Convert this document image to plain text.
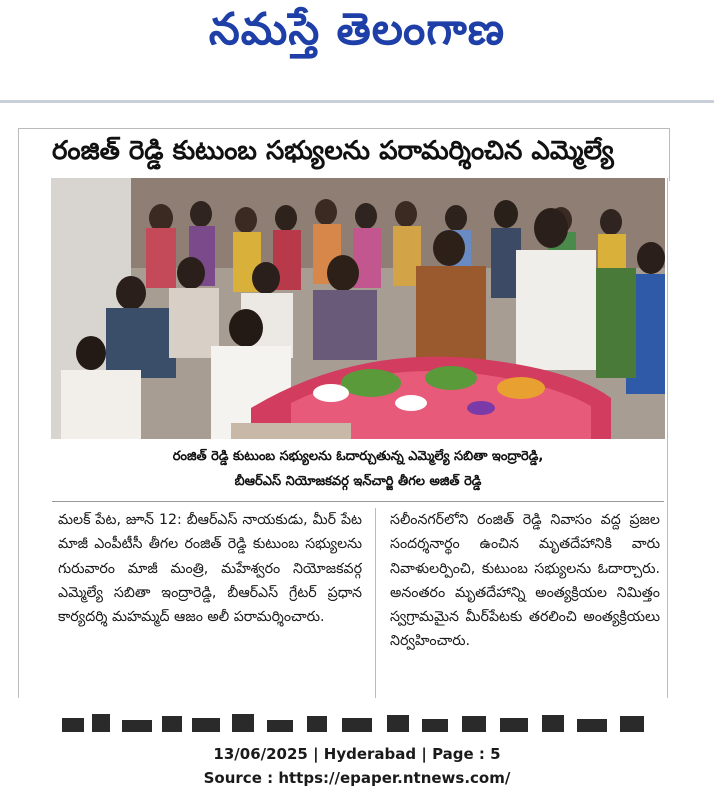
నమస్తే తెలంగాణ
రంజిత్ రెడ్డి కుటుంబ సభ్యులను పరామర్శించిన ఎమ్మెల్యే
రంజిత్ రెడ్డి కుటుంబ సభ్యులను ఓదార్చుతున్న ఎమ్మెల్యే సబితా ఇంద్రారెడ్డి,
బీఆర్ఎస్ నియోజకవర్గ ఇన్‌చార్జి తీగల అజిత్ రెడ్డి
మలక్ పేట, జూన్ 12: బీఆర్ఎస్ నాయకుడు, మీర్ పేట మాజీ ఎంపీటీసీ తీగల రంజిత్ రెడ్డి కుటుంబ సభ్యులను గురువారం మాజీ మంత్రి, మహేశ్వరం నియోజకవర్గ ఎమ్మెల్యే సబితా ఇంద్రారెడ్డి, బీఆర్ఎస్ గ్రేటర్ ప్రధాన కార్యదర్శి మహమ్మద్ ఆజం అలీ పరామర్శించారు.
సలీంనగర్‌లోని రంజిత్ రెడ్డి నివాసం వద్ద ప్రజల సందర్శనార్థం ఉంచిన మృతదేహానికి వారు నివాళులర్పించి, కుటుంబ సభ్యులను ఓదార్చారు. అనంతరం మృతదేహాన్ని అంత్యక్రియల నిమిత్తం స్వగ్రామమైన మీర్‌పేటకు తరలించి అంత్యక్రియలు నిర్వహించారు.
13/06/2025 | Hyderabad | Page : 5
Source : https://epaper.ntnews.com/
